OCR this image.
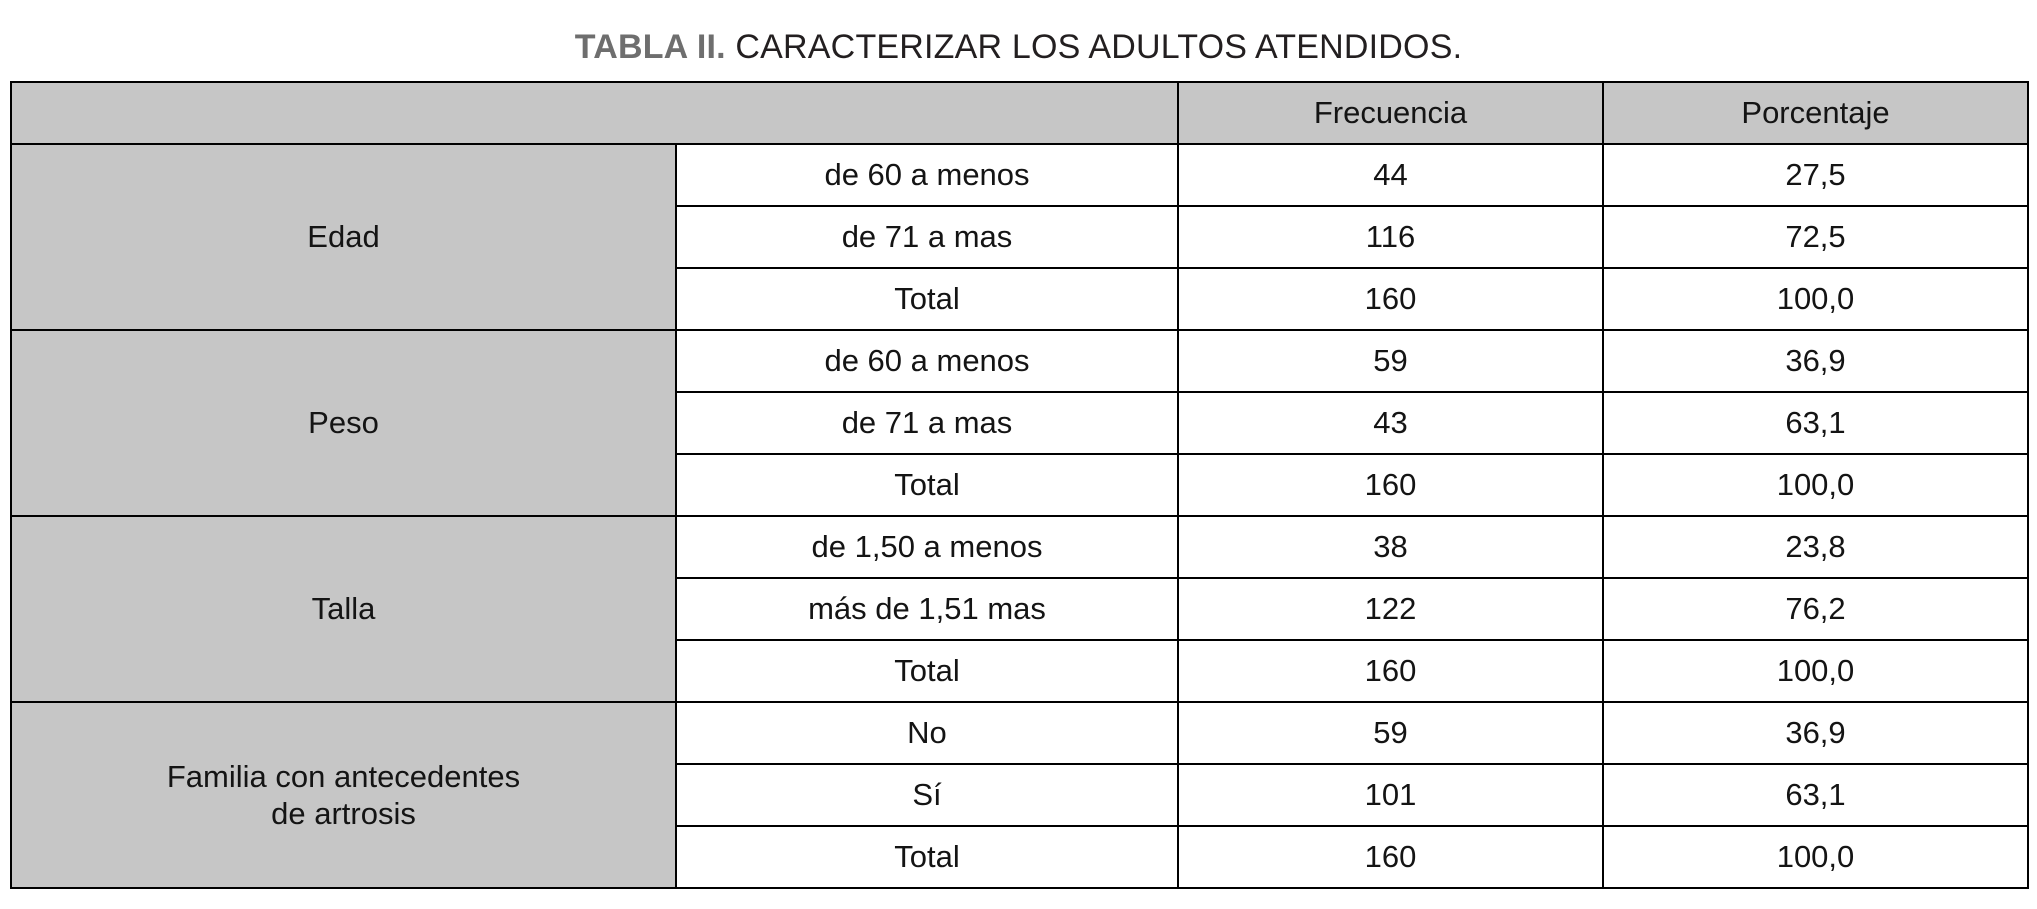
TABLA II. CARACTERIZAR LOS ADULTOS ATENDIDOS.
		Frecuencia	Porcentaje

Edad	de 60 a menos	44	27,5
	de 71 a mas	116	72,5
	Total	160	100,0

Peso	de 60 a menos	59	36,9
	de 71 a mas	43	63,1
	Total	160	100,0

Talla	de 1,50 a menos	38	23,8
	más de 1,51 mas	122	76,2
	Total	160	100,0

Familia con antecedentes
de artrosis	No	59	36,9
	Sí	101	63,1
	Total	160	100,0
